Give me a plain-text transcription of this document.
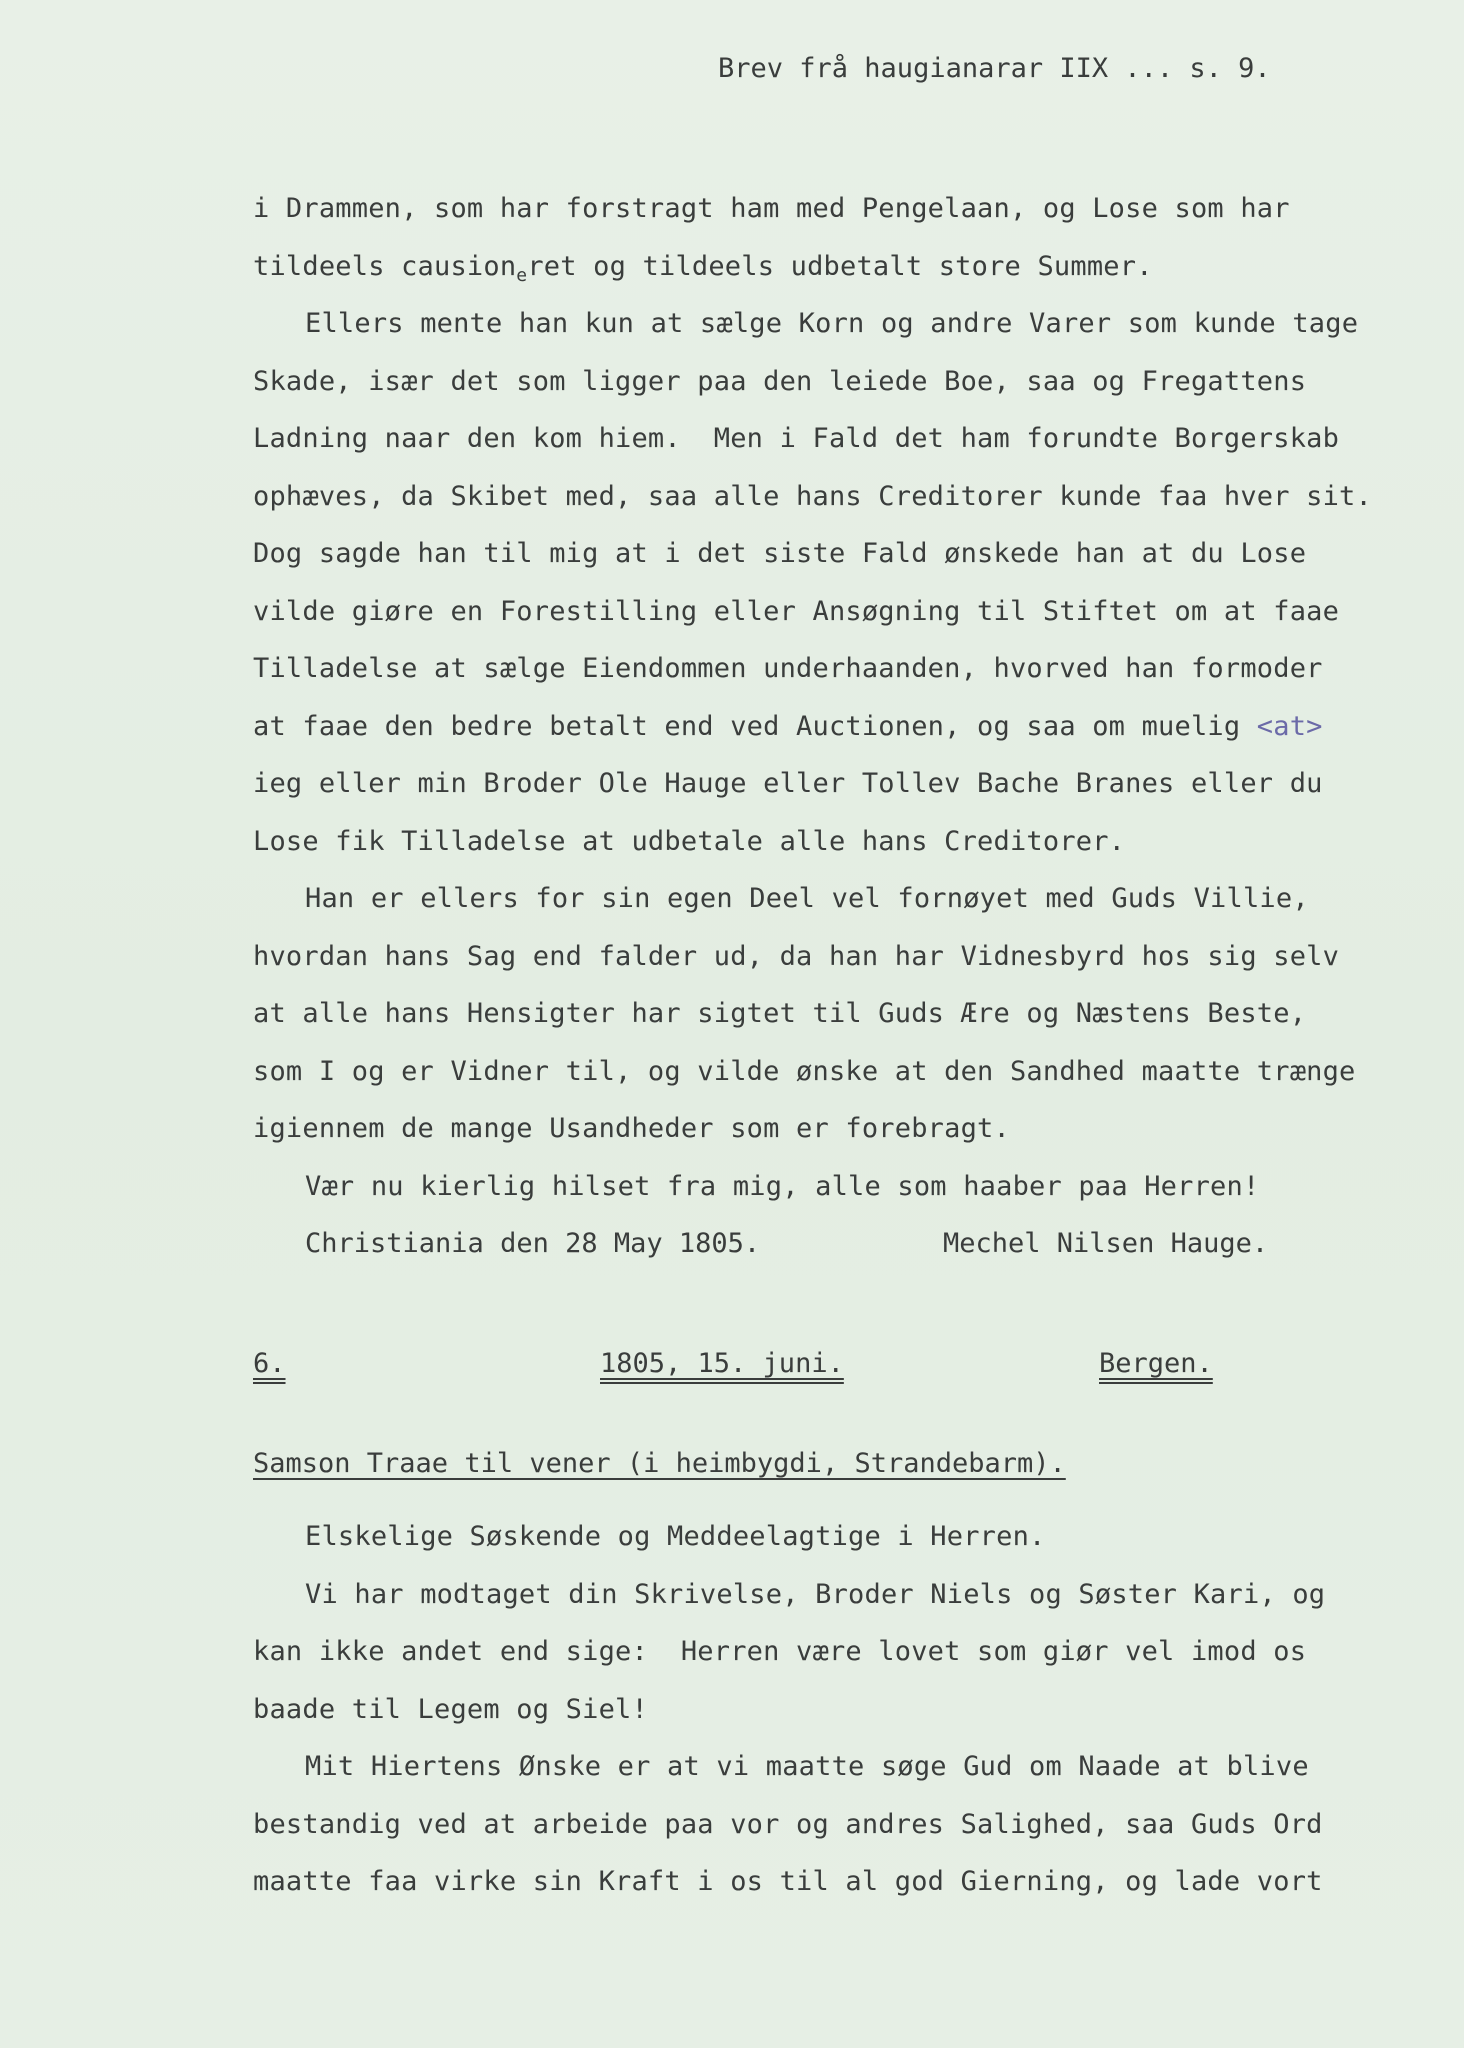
Brev frå haugianarar IIX ... s. 9.
i Drammen, som har forstragt ham med Pengelaan, og Lose som har
tildeels causion$_e$ret og tildeels udbetalt store Summer.
Ellers mente han kun at sælge Korn og andre Varer som kunde tage
Skade, især det som ligger paa den leiede Boe, saa og Fregattens
Ladning naar den kom hiem.  Men i Fald det ham forundte Borgerskab
ophæves, da Skibet med, saa alle hans Creditorer kunde faa hver sit.
Dog sagde han til mig at i det siste Fald ønskede han at du Lose
vilde giøre en Forestilling eller Ansøgning til Stiftet om at faae
Tilladelse at sælge Eiendommen underhaanden, hvorved han formoder
at faae den bedre betalt end ved Auctionen, og saa om muelig <at>
ieg eller min Broder Ole Hauge eller Tollev Bache Branes eller du
Lose fik Tilladelse at udbetale alle hans Creditorer.
Han er ellers for sin egen Deel vel fornøyet med Guds Villie,
hvordan hans Sag end falder ud, da han har Vidnesbyrd hos sig selv
at alle hans Hensigter har sigtet til Guds Ære og Næstens Beste,
som I og er Vidner til, og vilde ønske at den Sandhed maatte trænge
igiennem de mange Usandheder som er forebragt.
Vær nu kierlig hilset fra mig, alle som haaber paa Herren!
Christiania den 28 May 1805.	Mechel Nilsen Hauge.
6.	1805, 15. juni.	Bergen.
Samson Traae til vener (i heimbygdi, Strandebarm).
Elskelige Søskende og Meddeelagtige i Herren.
Vi har modtaget din Skrivelse, Broder Niels og Søster Kari, og
kan ikke andet end sige:  Herren være lovet som giør vel imod os
baade til Legem og Siel!
Mit Hiertens Ønske er at vi maatte søge Gud om Naade at blive
bestandig ved at arbeide paa vor og andres Salighed, saa Guds Ord
maatte faa virke sin Kraft i os til al god Gierning, og lade vort
